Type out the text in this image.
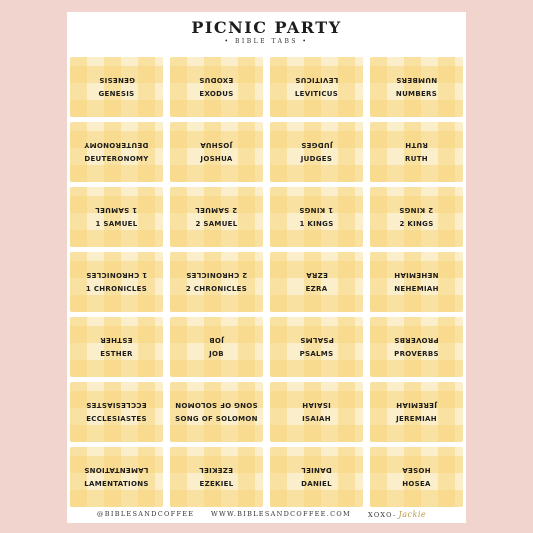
PICNIC PARTY
• BIBLE TABS •
GENESIS
GENESIS
EXODUS
EXODUS
LEVITICUS
LEVITICUS
NUMBERS
NUMBERS
DEUTERONOMY
DEUTERONOMY
JOSHUA
JOSHUA
JUDGES
JUDGES
RUTH
RUTH
1 SAMUEL
1 SAMUEL
2 SAMUEL
2 SAMUEL
1 KINGS
1 KINGS
2 KINGS
2 KINGS
1 CHRONICLES
1 CHRONICLES
2 CHRONICLES
2 CHRONICLES
EZRA
EZRA
NEHEMIAH
NEHEMIAH
ESTHER
ESTHER
JOB
JOB
PSALMS
PSALMS
PROVERBS
PROVERBS
ECCLESIASTES
ECCLESIASTES
SONG OF SOLOMON
SONG OF SOLOMON
ISAIAH
ISAIAH
JEREMIAH
JEREMIAH
LAMENTATIONS
LAMENTATIONS
EZEKIEL
EZEKIEL
DANIEL
DANIEL
HOSEA
HOSEA
@BIBLESANDCOFFEE	WWW.BIBLESANDCOFFEE.COM	XOXO- Jackie
